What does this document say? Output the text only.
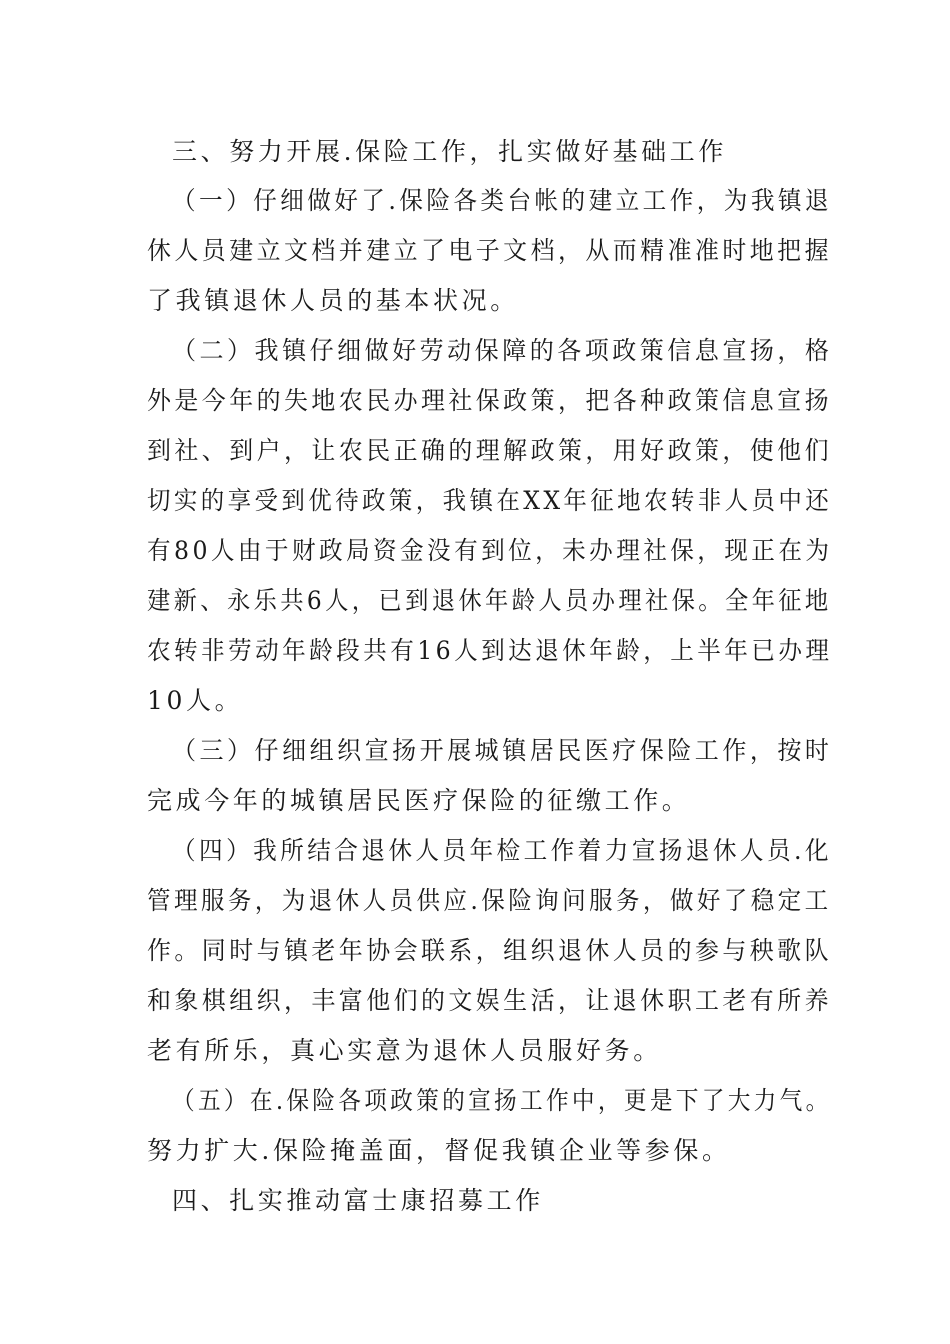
三、努力开展.保险工作，扎实做好基础工作
（一）仔细做好了.保险各类台帐的建立工作，为我镇退
休人员建立文档并建立了电子文档，从而精准准时地把握
了我镇退休人员的基本状况。
（二）我镇仔细做好劳动保障的各项政策信息宣扬，格
外是今年的失地农民办理社保政策，把各种政策信息宣扬
到社、到户，让农民正确的理解政策，用好政策，使他们
切实的享受到优待政策，我镇在XX年征地农转非人员中还
有80人由于财政局资金没有到位，未办理社保，现正在为
建新、永乐共6人，已到退休年龄人员办理社保。全年征地
农转非劳动年龄段共有16人到达退休年龄，上半年已办理
10人。
（三）仔细组织宣扬开展城镇居民医疗保险工作，按时
完成今年的城镇居民医疗保险的征缴工作。
（四）我所结合退休人员年检工作着力宣扬退休人员.化
管理服务，为退休人员供应.保险询问服务，做好了稳定工
作。同时与镇老年协会联系，组织退休人员的参与秧歌队
和象棋组织，丰富他们的文娱生活，让退休职工老有所养
老有所乐，真心实意为退休人员服好务。
（五）在.保险各项政策的宣扬工作中，更是下了大力气。
努力扩大.保险掩盖面，督促我镇企业等参保。
四、扎实推动富士康招募工作
